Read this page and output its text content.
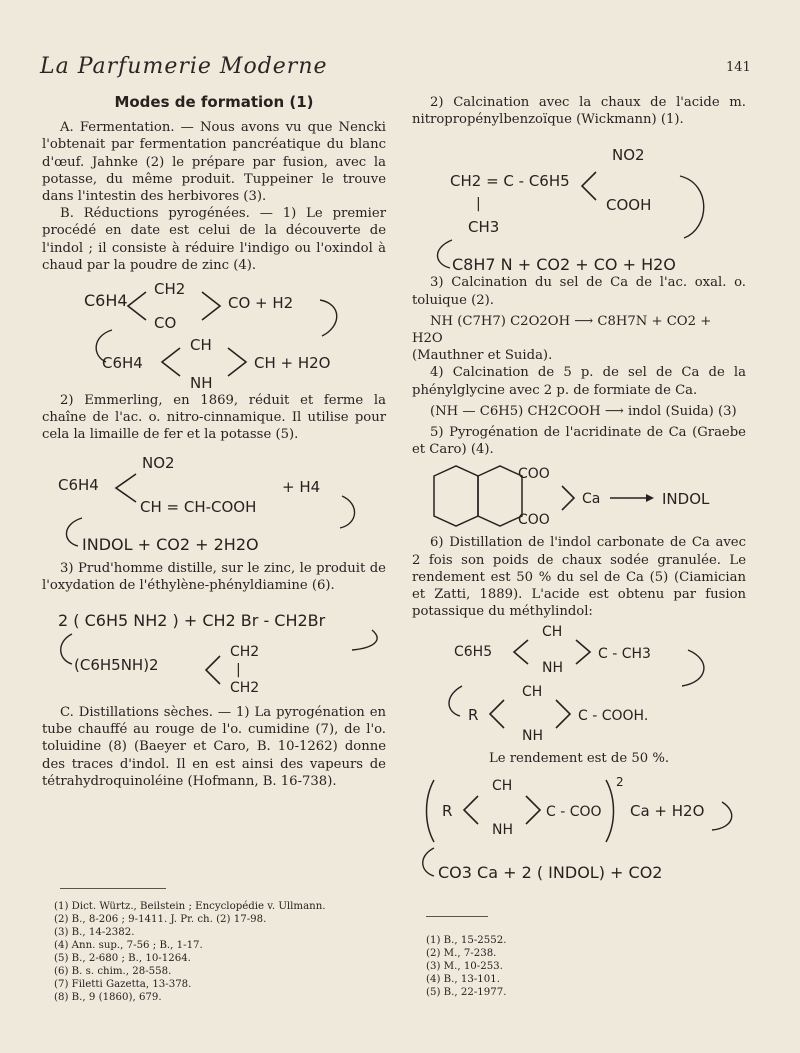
La Parfumerie Moderne	141

Modes de formation (1)

A. Fermentation. — Nous avons vu que Nencki l'obtenait par fermentation pancréatique du blanc d'œuf. Jahnke (2) le prépare par fusion, avec la potasse, du même produit. Tuppeiner le trouve dans l'intestin des herbivores (3).

B. Réductions pyrogénées. — 1) Le premier procédé en date est celui de la découverte de l'indol ; il consiste à réduire l'indigo ou l'oxindol à chaud par la poudre de zinc (4).

C6H4
CH2
CO
CO + H2
C6H4
CH
NH
CH + H2O

2) Emmerling, en 1869, réduit et ferme la chaîne de l'ac. o. nitro-cinnamique. Il utilise pour cela la limaille de fer et la potasse (5).

C6H4
NO2
+ H4
CH = CH-COOH
INDOL + CO2 + 2H2O

3) Prud'homme distille, sur le zinc, le produit de l'oxydation de l'éthylène-phényldiamine (6).

2 ( C6H5 NH2 ) + CH2 Br - CH2Br
(C6H5NH)2
CH2
|
CH2

C. Distillations sèches. — 1) La pyrogénation en tube chauffé au rouge de l'o. cumidine (7), de l'o. toluidine (8) (Baeyer et Caro, B. 10-1262) donne des traces d'indol. Il en est ainsi des vapeurs de tétrahydroquinoléine (Hofmann, B. 16-738).

(1) Dict. Würtz., Beilstein ; Encyclopédie v. Ullmann.
(2) B., 8-206 ; 9-1411. J. Pr. ch. (2) 17-98.
(3) B., 14-2382.
(4) Ann. sup., 7-56 ; B., 1-17.
(5) B., 2-680 ; B., 10-1264.
(6) B. s. chim., 28-558.
(7) Filetti Gazetta, 13-378.
(8) B., 9 (1860), 679.

2) Calcination avec la chaux de l'acide m. nitropropénylbenzoïque (Wickmann) (1).

NO2
CH2 = C - C6H5
|	COOH
CH3
C8H7 N + CO2 + CO + H2O

3) Calcination du sel de Ca de l'ac. oxal. o. toluique (2).

NH (C7H7) C2O2OH ⟶ C8H7N + CO2 + H2O

(Mauthner et Suida).

4) Calcination de 5 p. de sel de Ca de la phénylglycine avec 2 p. de formiate de Ca.

(NH — C6H5) CH2COOH ⟶ indol (Suida) (3)

5) Pyrogénation de l'acridinate de Ca (Graebe et Caro) (4).

COO
COO
Ca	INDOL

6) Distillation de l'indol carbonate de Ca avec 2 fois son poids de chaux sodée granulée. Le rendement est 50 % du sel de Ca (5) (Ciamician et Zatti, 1889). L'acide est obtenu par fusion potassique du méthylindol:

CH
C6H5
NH
C - CH3
CH
R
NH
C - COOH.

Le rendement est de 50 %.

CH
R
NH
C - COO
2
Ca + H2O
CO3 Ca + 2 ( INDOL) + CO2
(1) B., 15-2552.
(2) M., 7-238.
(3) M., 10-253.
(4) B., 13-101.
(5) B., 22-1977.
